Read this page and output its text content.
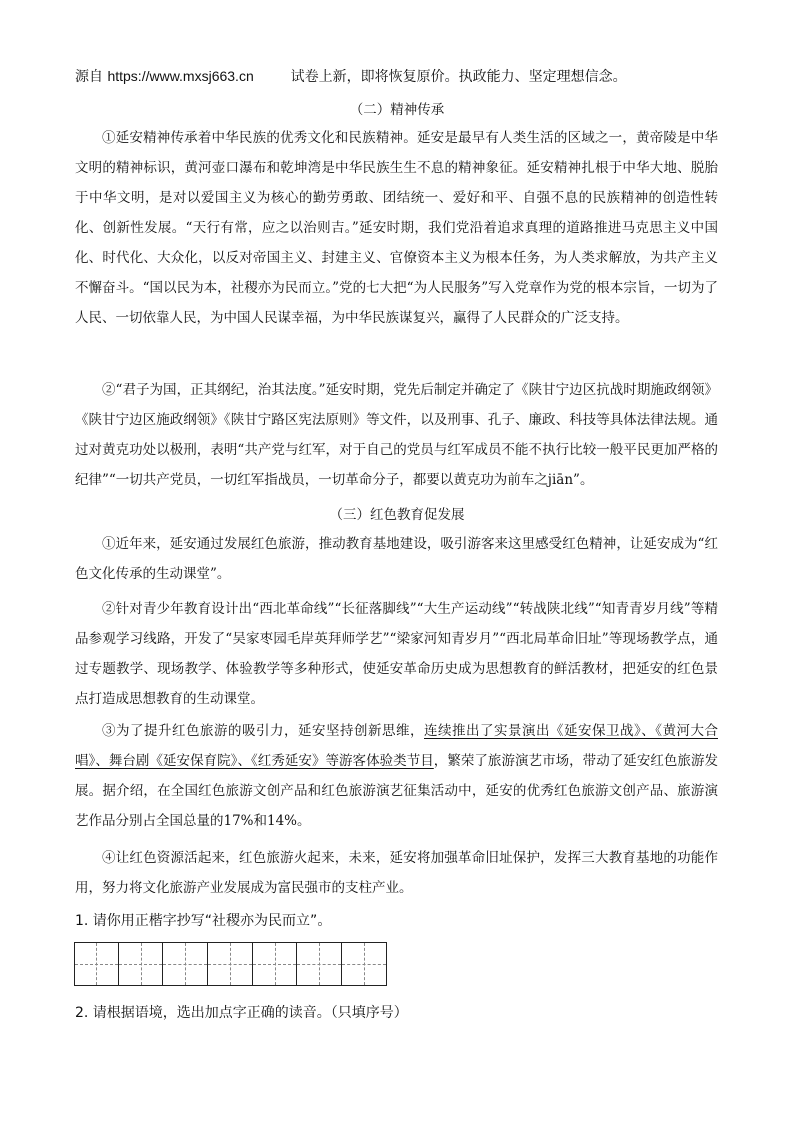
源自 https://www.mxsj663.cn	试卷上新，即将恢复原价。执政能力、坚定理想信念。
（二）精神传承

①延安精神传承着中华民族的优秀文化和民族精神。延安是最早有人类生活的区域之一，黄帝陵是中华文明的精神标识，黄河壶口瀑布和乾坤湾是中华民族生生不息的精神象征。延安精神扎根于中华大地、脱胎于中华文明，是对以爱国主义为核心的勤劳勇敢、团结统一、爱好和平、自强不息的民族精神的创造性转化、创新性发展。“天行有常，应之以治则吉。”延安时期，我们党沿着追求真理的道路推进马克思主义中国化、时代化、大众化，以反对帝国主义、封建主义、官僚资本主义为根本任务，为人类求解放，为共产主义不懈奋斗。“国以民为本，社稷亦为民而立。”党的七大把“为人民服务”写入党章作为党的根本宗旨，一切为了人民、一切依靠人民，为中国人民谋幸福，为中华民族谋复兴，赢得了人民群众的广泛支持。

②“君子为国，正其纲纪，治其法度。”延安时期，党先后制定并确定了《陕甘宁边区抗战时期施政纲领》《陕甘宁边区施政纲领》《陕甘宁路区宪法原则》等文件，以及刑事、孔子、廉政、科技等具体法律法规。通过对黄克功处以极刑，表明“共产党与红军，对于自己的党员与红军成员不能不执行比较一般平民更加严格的纪律”“一切共产党员，一切红军指战员，一切革命分子，都要以黄克功为前车之jiān”。

（三）红色教育促发展

①近年来，延安通过发展红色旅游，推动教育基地建设，吸引游客来这里感受红色精神，让延安成为“红色文化传承的生动课堂”。

②针对青少年教育设计出“西北革命线”“长征落脚线”“大生产运动线”“转战陕北线”“知青青岁月线”等精品参观学习线路，开发了“吴家枣园毛岸英拜师学艺”“梁家河知青岁月”“西北局革命旧址”等现场教学点，通过专题教学、现场教学、体验教学等多种形式，使延安革命历史成为思想教育的鲜活教材，把延安的红色景点打造成思想教育的生动课堂。

③为了提升红色旅游的吸引力，延安坚持创新思维，连续推出了实景演出《延安保卫战》、《黄河大合唱》、舞台剧《延安保育院》、《红秀延安》等游客体验类节目，繁荣了旅游演艺市场，带动了延安红色旅游发展。据介绍，在全国红色旅游文创产品和红色旅游演艺征集活动中，延安的优秀红色旅游文创产品、旅游演艺作品分别占全国总量的17%和14%。

④让红色资源活起来，红色旅游火起来，未来，延安将加强革命旧址保护，发挥三大教育基地的功能作用，努力将文化旅游产业发展成为富民强市的支柱产业。

1. 请你用正楷字抄写“社稷亦为民而立”。
2. 请根据语境，选出加点字正确的读音。（只填序号）
